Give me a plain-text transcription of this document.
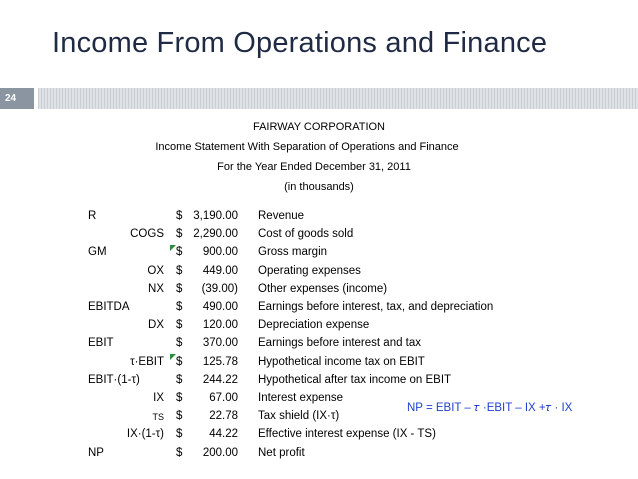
Income From Operations and Finance
24
FAIRWAY CORPORATION
Income Statement With Separation of Operations and Finance
For the Year Ended December 31, 2011
(in thousands)
R	$ 3,190.00 Revenue
COGS $ 2,290.00 Cost of goods sold
GM	$ 900.00 Gross margin
OX $ 449.00 Operating expenses
NX $ (39.00) Other expenses (income)
EBITDA	$ 490.00 Earnings before interest, tax, and depreciation
DX $ 120.00 Depreciation expense
EBIT	$ 370.00 Earnings before interest and tax
τ·EBIT $ 125.78 Hypothetical income tax on EBIT
EBIT·(1-τ)	$ 244.22 Hypothetical after tax income on EBIT
IX $ 67.00 Interest expense
TS $ 22.78 Tax shield (IX·τ)
IX·(1-τ) $ 44.22 Effective interest expense (IX - TS)
NP	$ 200.00 Net profit
NP = EBIT – 𝜏 ·EBIT – IX +𝜏 · IX
